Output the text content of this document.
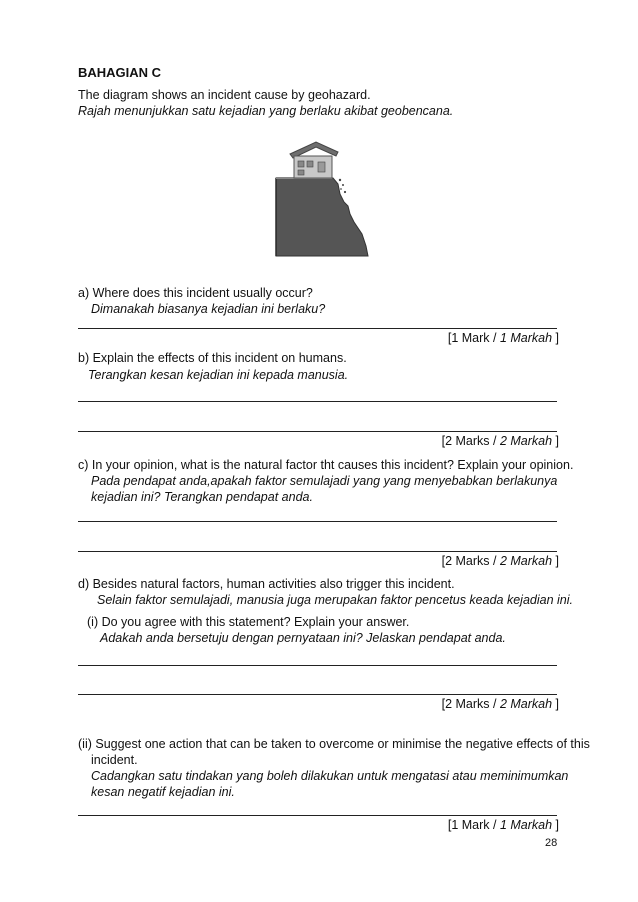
BAHAGIAN C
The diagram shows an incident cause by geohazard.
Rajah menunjukkan satu kejadian yang berlaku akibat geobencana.
a) Where does this incident usually occur?
Dimanakah biasanya kejadian ini berlaku?
[1 Mark / 1 Markah ]
b) Explain the effects of this incident on humans.
Terangkan kesan kejadian ini kepada manusia.
[2 Marks / 2 Markah ]
c) In your opinion, what is the natural factor tht causes this incident? Explain your opinion.
Pada pendapat anda,apakah faktor semulajadi yang yang menyebabkan berlakunya
kejadian ini? Terangkan pendapat anda.
[2 Marks / 2 Markah ]
d) Besides natural factors, human activities also trigger this incident.
Selain faktor semulajadi, manusia juga merupakan faktor pencetus keada kejadian ini.
(i) Do you agree with this statement? Explain your answer.
Adakah anda bersetuju dengan pernyataan ini? Jelaskan pendapat anda.
[2 Marks / 2 Markah ]
(ii) Suggest one action that can be taken to overcome or minimise the negative effects of this
incident.
Cadangkan satu tindakan yang boleh dilakukan untuk mengatasi atau meminimumkan
kesan negatif kejadian ini.
[1 Mark / 1 Markah ]
28
